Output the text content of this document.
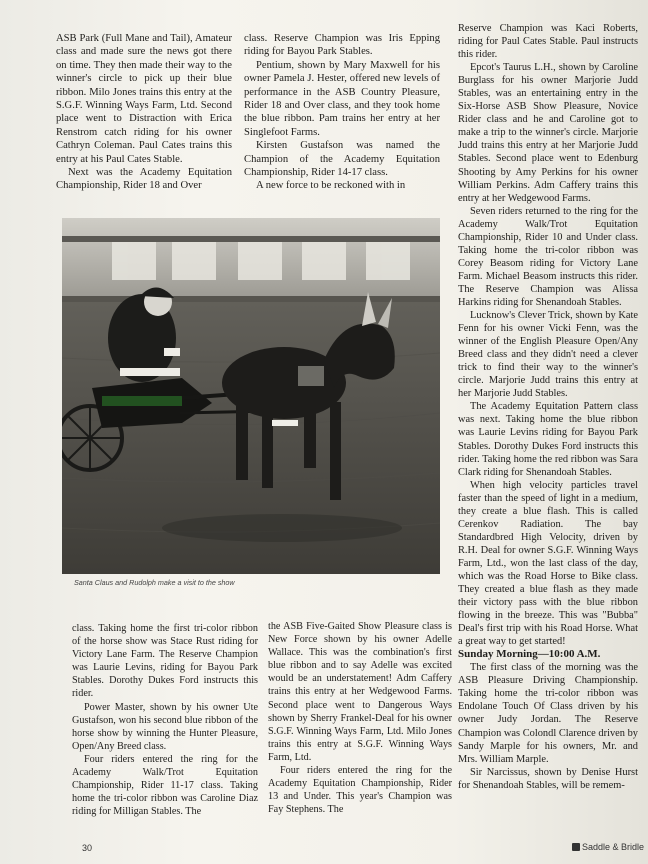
ASB Park (Full Mane and Tail), Amateur class and made sure the news got there on time. They then made their way to the winner's circle to pick up their blue ribbon. Milo Jones trains this entry at the S.G.F. Winning Ways Farm, Ltd. Second place went to Distraction with Erica Renstrom catch riding for his owner Cathryn Coleman. Paul Cates trains this entry at his Paul Cates Stable.

Next was the Academy Equitation Championship, Rider 18 and Over

class. Reserve Champion was Iris Epping riding for Bayou Park Stables.

Pentium, shown by Mary Maxwell for his owner Pamela J. Hester, offered new levels of performance in the ASB Country Pleasure, Rider 18 and Over class, and they took home the blue ribbon. Pam trains her entry at her Singlefoot Farms.

Kirsten Gustafson was named the Champion of the Academy Equitation Championship, Rider 14-17 class.

A new force to be reckoned with in

Reserve Champion was Kaci Roberts, riding for Paul Cates Stable. Paul instructs this rider.

Epcot's Taurus L.H., shown by Caroline Burglass for his owner Marjorie Judd Stables, was an entertaining entry in the Six-Horse ASB Show Pleasure, Novice Rider class and he and Caroline got to make a trip to the winner's circle. Marjorie Judd trains this entry at her Marjorie Judd Stables. Second place went to Edenburg Shooting by Amy Perkins for his owner William Perkins. Adm Caffery trains this entry at her Wedgewood Farms.

Seven riders returned to the ring for the Academy Walk/Trot Equitation Championship, Rider 10 and Under class. Taking home the tri-color ribbon was Corey Beasom riding for Victory Lane Farm. Michael Beasom instructs this rider. The Reserve Champion was Alissa Harkins riding for Shenandoah Stables.

Lucknow's Clever Trick, shown by Kate Fenn for his owner Vicki Fenn, was the winner of the English Pleasure Open/Any Breed class and they didn't need a clever trick to find their way to the winner's circle. Marjorie Judd trains this entry at her Marjorie Judd Stables.

The Academy Equitation Pattern class was next. Taking home the blue ribbon was Laurie Levins riding for Bayou Park Stables. Dorothy Dukes Ford instructs this rider. Taking home the red ribbon was Sara Clark riding for Shenandoah Stables.

When high velocity particles travel faster than the speed of light in a medium, they create a blue flash. This is called Cerenkov Radiation. The bay Standardbred High Velocity, driven by R.H. Deal for owner S.G.F. Winning Ways Farm, Ltd., won the last class of the day, which was the Road Horse to Bike class. They created a blue flash as they made their victory pass with the blue ribbon flowing in the breeze. This was "Bubba" Deal's first trip with his Road Horse. What a great way to get started!

Sunday Morning—10:00 A.M.

The first class of the morning was the ASB Pleasure Driving Championship. Taking home the tri-color ribbon was Endolane Touch Of Class driven by his owner Judy Jordan. The Reserve Champion was Colondl Clarence driven by Sandy Marple for his owners, Mr. and Mrs. William Marple.

Sir Narcissus, shown by Denise Hurst for Shenandoah Stables, will be remem-

Santa Claus and Rudolph make a visit to the show

class. Taking home the first tri-color ribbon of the horse show was Stace Rust riding for Victory Lane Farm. The Reserve Champion was Laurie Levins, riding for Bayou Park Stables. Dorothy Dukes Ford instructs this rider.

Power Master, shown by his owner Ute Gustafson, won his second blue ribbon of the horse show by winning the Hunter Pleasure, Open/Any Breed class.

Four riders entered the ring for the Academy Walk/Trot Equitation Championship, Rider 11-17 class. Taking home the tri-color ribbon was Caroline Diaz riding for Milligan Stables. The

the ASB Five-Gaited Show Pleasure class is New Force shown by his owner Adelle Wallace. This was the combination's first blue ribbon and to say Adelle was excited would be an understatement! Adm Caffery trains this entry at her Wedgewood Farms. Second place went to Dangerous Ways shown by Sherry Frankel-Deal for his owner S.G.F. Winning Ways Farm, Ltd. Milo Jones trains this entry at S.G.F. Winning Ways Farm, Ltd.

Four riders entered the ring for the Academy Equitation Championship, Rider 13 and Under. This year's Champion was Fay Stephens. The

30	Saddle & Bridle
